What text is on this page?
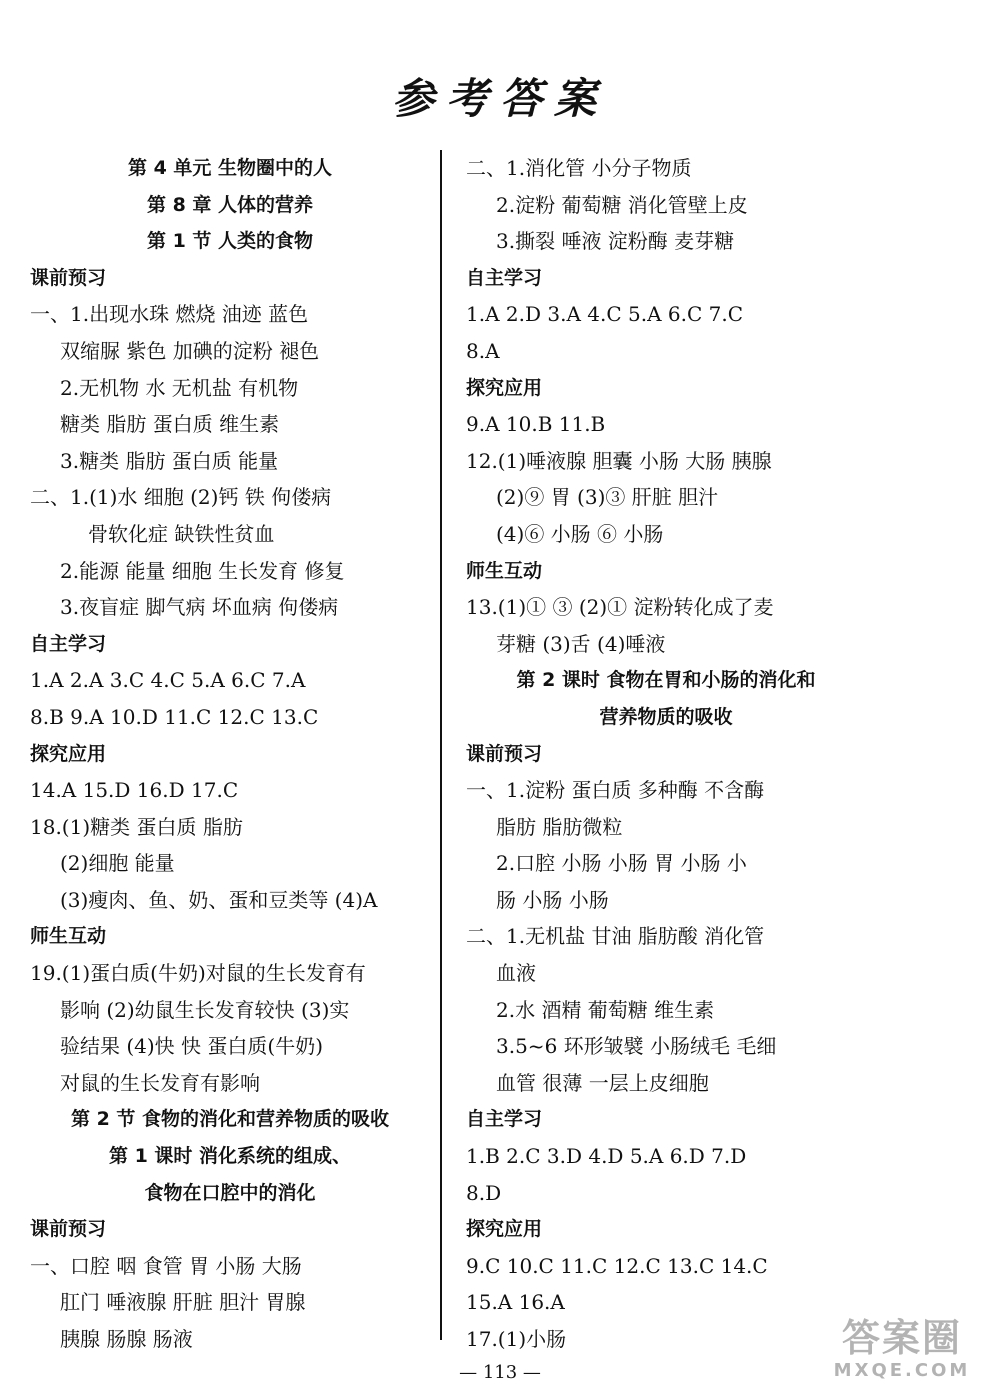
参考答案
第 4 单元 生物圈中的人
第 8 章 人体的营养
第 1 节 人类的食物
课前预习
一、1.出现水珠 燃烧 油迹 蓝色
双缩脲 紫色 加碘的淀粉 褪色
2.无机物 水 无机盐 有机物
糖类 脂肪 蛋白质 维生素
3.糖类 脂肪 蛋白质 能量
二、1.(1)水 细胞 (2)钙 铁 佝偻病
骨软化症 缺铁性贫血
2.能源 能量 细胞 生长发育 修复
3.夜盲症 脚气病 坏血病 佝偻病
自主学习
1.A 2.A 3.C 4.C 5.A 6.C 7.A
8.B 9.A 10.D 11.C 12.C 13.C
探究应用
14.A 15.D 16.D 17.C
18.(1)糖类 蛋白质 脂肪
(2)细胞 能量
(3)瘦肉、鱼、奶、蛋和豆类等 (4)A
师生互动
19.(1)蛋白质(牛奶)对鼠的生长发育有
影响 (2)幼鼠生长发育较快 (3)实
验结果 (4)快 快 蛋白质(牛奶)
对鼠的生长发育有影响
第 2 节 食物的消化和营养物质的吸收
第 1 课时 消化系统的组成、
食物在口腔中的消化
课前预习
一、口腔 咽 食管 胃 小肠 大肠
肛门 唾液腺 肝脏 胆汁 胃腺
胰腺 肠腺 肠液
二、1.消化管 小分子物质
2.淀粉 葡萄糖 消化管壁上皮
3.撕裂 唾液 淀粉酶 麦芽糖
自主学习
1.A 2.D 3.A 4.C 5.A 6.C 7.C
8.A
探究应用
9.A 10.B 11.B
12.(1)唾液腺 胆囊 小肠 大肠 胰腺
(2)⑨ 胃 (3)③ 肝脏 胆汁
(4)⑥ 小肠 ⑥ 小肠
师生互动
13.(1)① ③ (2)① 淀粉转化成了麦
芽糖 (3)舌 (4)唾液
第 2 课时 食物在胃和小肠的消化和
营养物质的吸收
课前预习
一、1.淀粉 蛋白质 多种酶 不含酶
脂肪 脂肪微粒
2.口腔 小肠 小肠 胃 小肠 小
肠 小肠 小肠
二、1.无机盐 甘油 脂肪酸 消化管
血液
2.水 酒精 葡萄糖 维生素
3.5~6 环形皱襞 小肠绒毛 毛细
血管 很薄 一层上皮细胞
自主学习
1.B 2.C 3.D 4.D 5.A 6.D 7.D
8.D
探究应用
9.C 10.C 11.C 12.C 13.C 14.C
15.A 16.A
17.(1)小肠
— 113 —
答案圈
MXQE.COM
